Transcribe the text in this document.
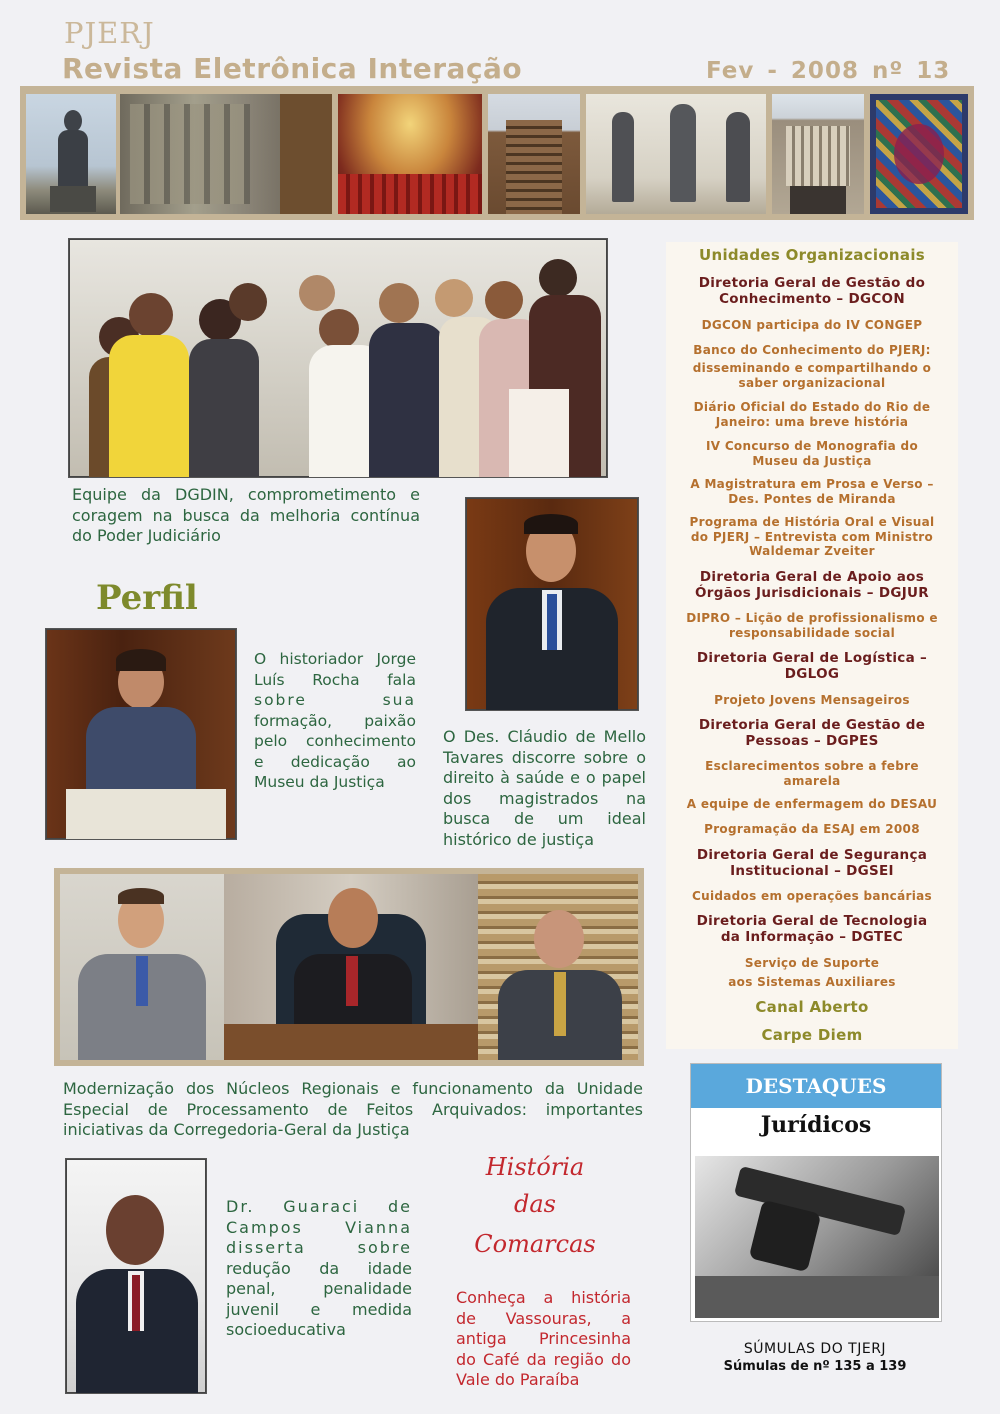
PJERJ
Revista Eletrônica Interação	Fev - 2008 nº 13
Equipe da DGDIN, comprometimento e coragem na busca da melhoria contínua do Poder Judiciário
Perfil
O historiador Jorge
Luís Rocha fala
sobre sua
formação, paixão
pelo conhecimento
e dedicação ao
Museu da Justiça
O Des. Cláudio de Mello
Tavares discorre sobre o
direito à saúde e o papel
dos magistrados na
busca de um ideal
histórico de justiça
Modernização dos Núcleos Regionais e funcionamento da Unidade Especial de Processamento de Feitos Arquivados: importantes iniciativas da Corregedoria-Geral da Justiça
Dr. Guaraci de
Campos Vianna
disserta sobre
redução da idade
penal, penalidade
juvenil e medida
socioeducativa
História
das
Comarcas
Conheça a história
de Vassouras, a
antiga Princesinha
do Café da região do
Vale do Paraíba
Unidades Organizacionais
Diretoria Geral de Gestão do Conhecimento – DGCON
DGCON participa do IV CONGEP
Banco do Conhecimento do PJERJ:
disseminando e compartilhando o saber organizacional
Diário Oficial do Estado do Rio de Janeiro: uma breve história
IV Concurso de Monografia do Museu da Justiça
A Magistratura em Prosa e Verso – Des. Pontes de Miranda
Programa de História Oral e Visual do PJERJ – Entrevista com Ministro Waldemar Zveiter
Diretoria Geral de Apoio aos Órgãos Jurisdicionais – DGJUR
DIPRO – Lição de profissionalismo e responsabilidade social
Diretoria Geral de Logística – DGLOG
Projeto Jovens Mensageiros
Diretoria Geral de Gestão de Pessoas – DGPES
Esclarecimentos sobre a febre amarela
A equipe de enfermagem do DESAU
Programação da ESAJ em 2008
Diretoria Geral de Segurança Institucional – DGSEI
Cuidados em operações bancárias
Diretoria Geral de Tecnologia da Informação – DGTEC
Serviço de Suporte
aos Sistemas Auxiliares
Canal Aberto
Carpe Diem
DESTAQUES
Jurídicos
SÚMULAS DO TJERJ
Súmulas de nº 135 a 139
